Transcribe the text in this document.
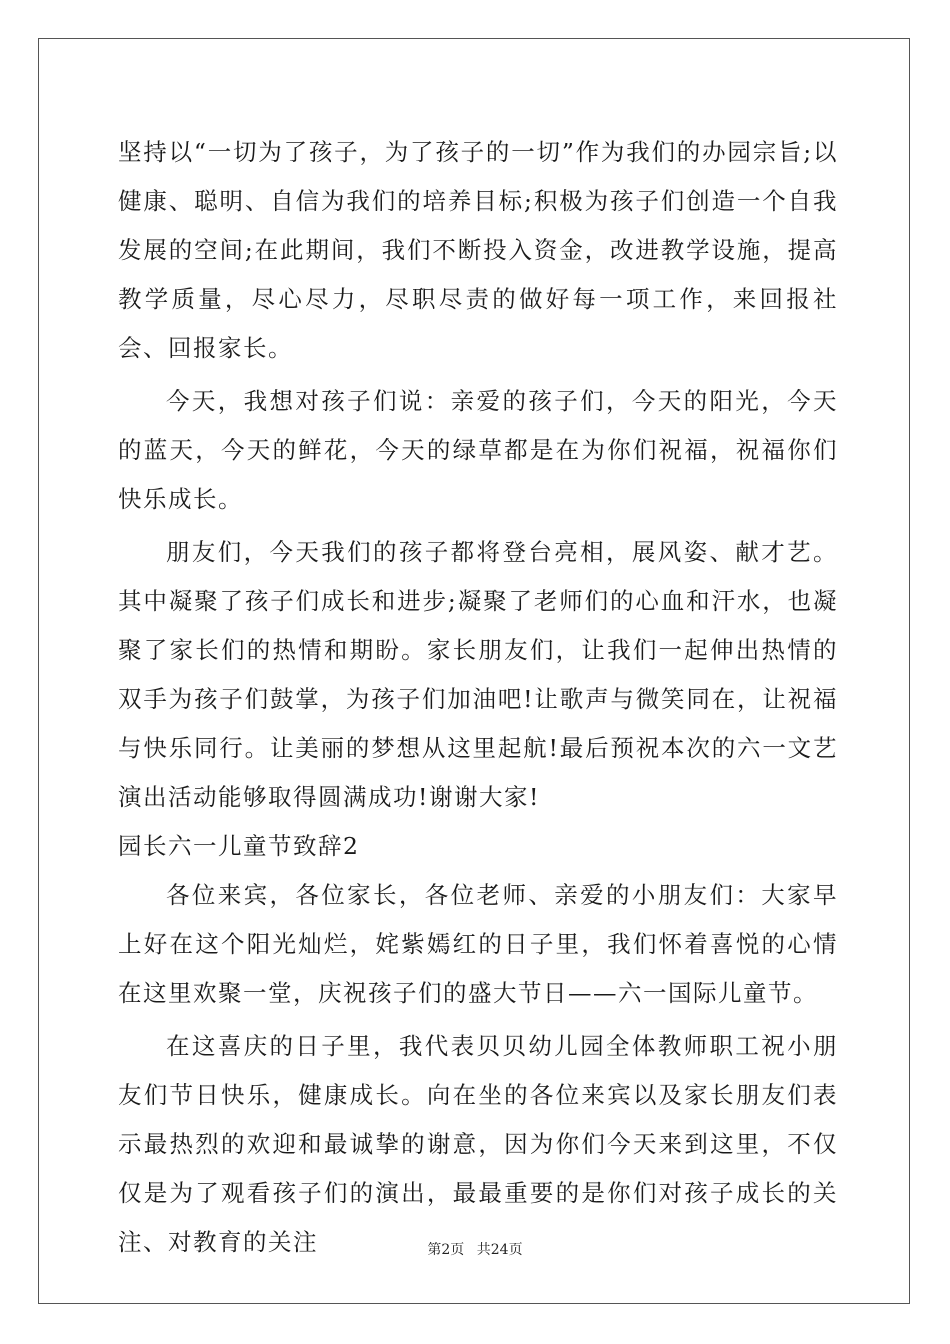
坚持以“一切为了孩子，为了孩子的一切”作为我们的办园宗旨;以健康、聪明、自信为我们的培养目标;积极为孩子们创造一个自我发展的空间;在此期间，我们不断投入资金，改进教学设施，提高教学质量，尽心尽力，尽职尽责的做好每一项工作，来回报社会、回报家长。

今天，我想对孩子们说：亲爱的孩子们，今天的阳光，今天的蓝天，今天的鲜花，今天的绿草都是在为你们祝福，祝福你们快乐成长。

朋友们，今天我们的孩子都将登台亮相，展风姿、献才艺。其中凝聚了孩子们成长和进步;凝聚了老师们的心血和汗水，也凝聚了家长们的热情和期盼。家长朋友们，让我们一起伸出热情的双手为孩子们鼓掌，为孩子们加油吧!让歌声与微笑同在，让祝福与快乐同行。让美丽的梦想从这里起航!最后预祝本次的六一文艺演出活动能够取得圆满成功!谢谢大家!

园长六一儿童节致辞2

各位来宾，各位家长，各位老师、亲爱的小朋友们：大家早上好在这个阳光灿烂，姹紫嫣红的日子里，我们怀着喜悦的心情在这里欢聚一堂，庆祝孩子们的盛大节日——六一国际儿童节。

在这喜庆的日子里，我代表贝贝幼儿园全体教师职工祝小朋友们节日快乐，健康成长。向在坐的各位来宾以及家长朋友们表示最热烈的欢迎和最诚挚的谢意，因为你们今天来到这里，不仅仅是为了观看孩子们的演出，最最重要的是你们对孩子成长的关注、对教育的关注	第2页 共24页
